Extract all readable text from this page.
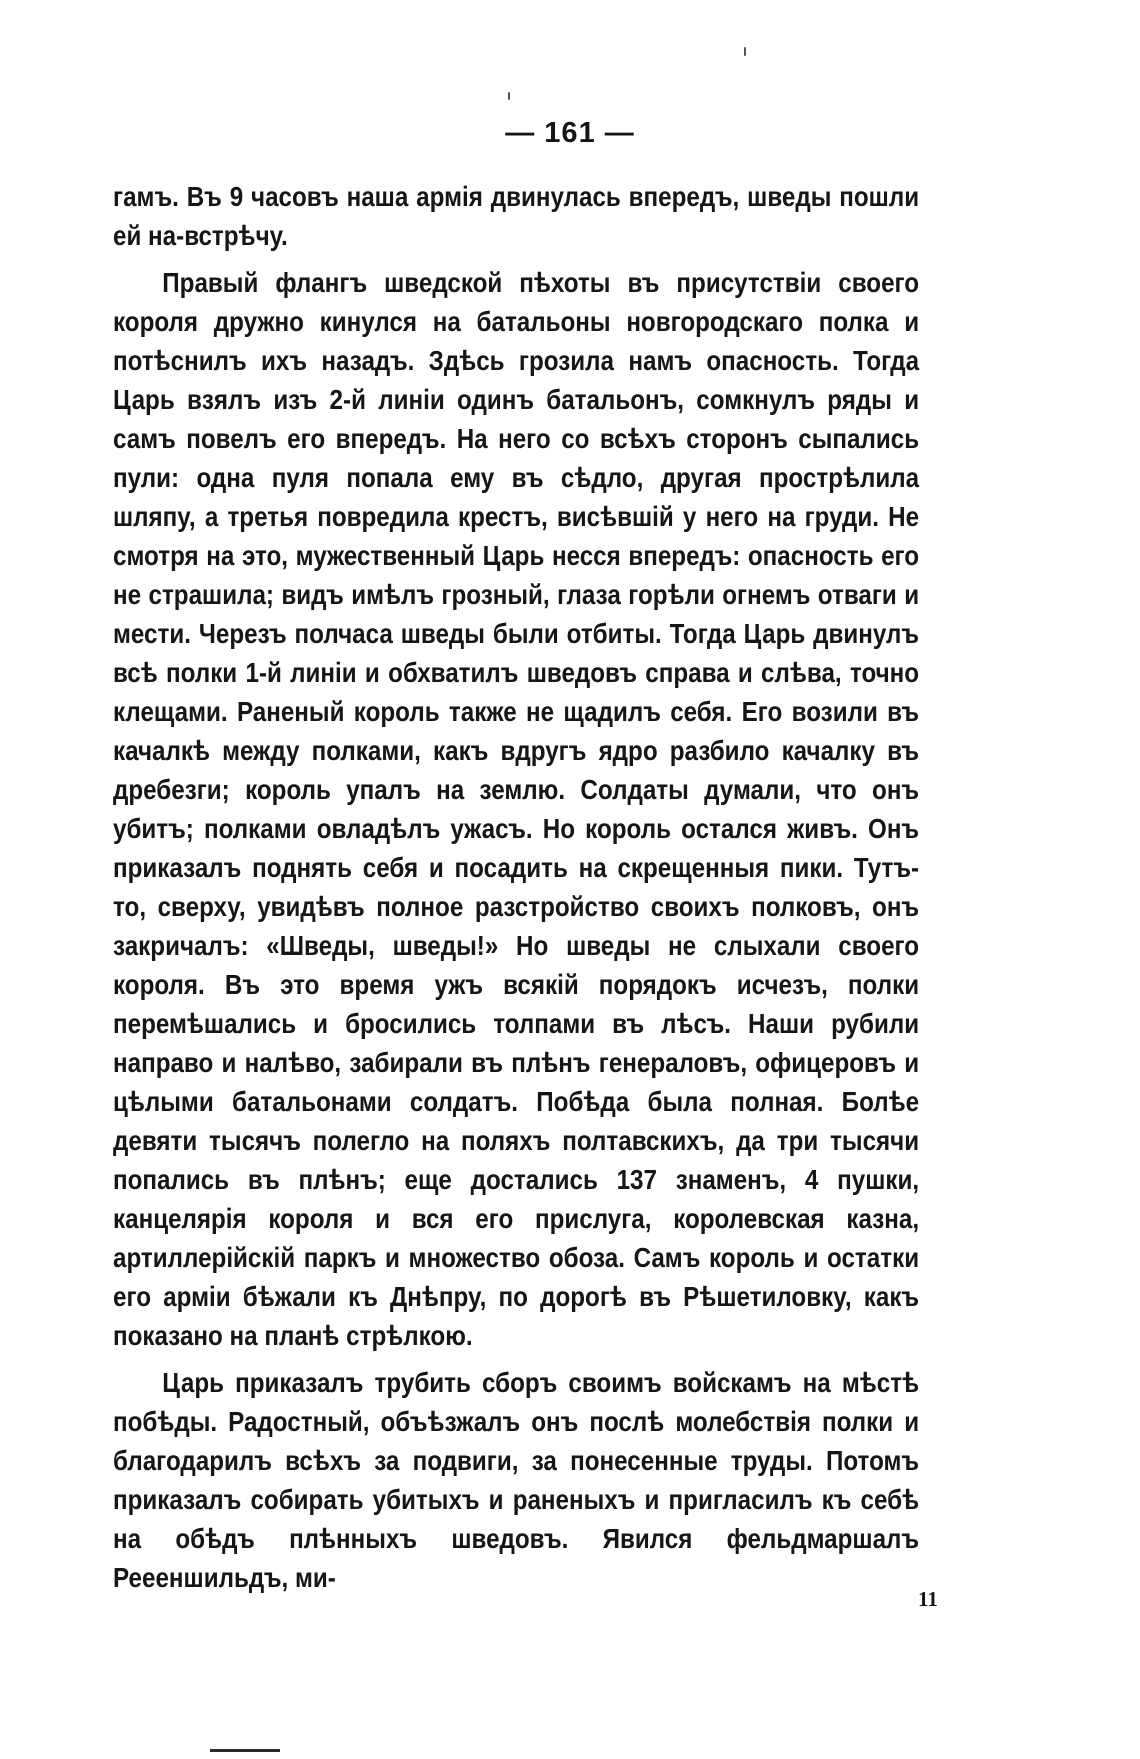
— 161 —

гамъ. Въ 9 часовъ наша армія двинулась впередъ, шведы пошли ей на-встрѣчу.

Правый флангъ шведской пѣхоты въ присутствіи своего короля дружно кинулся на батальоны новгородскаго полка и потѣснилъ ихъ назадъ. Здѣсь грозила намъ опасность. Тогда Царь взялъ изъ 2-й линіи одинъ батальонъ, сомкнулъ ряды и самъ повелъ его впередъ. На него со всѣхъ сторонъ сыпались пули: одна пуля попала ему въ сѣдло, другая прострѣлила шляпу, а третья повредила крестъ, висѣвшій у него на груди. Не смотря на это, мужественный Царь несся впередъ: опасность его не страшила; видъ имѣлъ грозный, глаза горѣли огнемъ отваги и мести. Черезъ полчаса шведы были отбиты. Тогда Царь двинулъ всѣ полки 1-й линіи и обхватилъ шведовъ справа и слѣва, точно клещами. Раненый король также не щадилъ себя. Его возили въ качалкѣ между полками, какъ вдругъ ядро разбило качалку въ дребезги; король упалъ на землю. Солдаты думали, что онъ убитъ; полками овладѣлъ ужасъ. Но король остался живъ. Онъ приказалъ поднять себя и посадить на скрещенныя пики. Тутъ-то, сверху, увидѣвъ полное разстройство своихъ полковъ, онъ закричалъ: «Шведы, шведы!» Но шведы не слыхали своего короля. Въ это время ужъ всякій порядокъ исчезъ, полки перемѣшались и бросились толпами въ лѣсъ. Наши рубили направо и налѣво, забирали въ плѣнъ генераловъ, офицеровъ и цѣлыми батальонами солдатъ. Побѣда была полная. Болѣе девяти тысячъ полегло на поляхъ полтавскихъ, да три тысячи попались въ плѣнъ; еще достались 137 знаменъ, 4 пушки, канцелярія короля и вся его прислуга, королевская казна, артиллерійскій паркъ и множество обоза. Самъ король и остатки его арміи бѣжали къ Днѣпру, по дорогѣ въ Рѣшетиловку, какъ показано на планѣ стрѣлкою.

Царь приказалъ трубить сборъ своимъ войскамъ на мѣстѣ побѣды. Радостный, объѣзжалъ онъ послѣ молебствія полки и благодарилъ всѣхъ за подвиги, за понесенные труды. Потомъ приказалъ собирать убитыхъ и раненыхъ и пригласилъ къ себѣ на обѣдъ плѣнныхъ шведовъ. Явился фельдмаршалъ Реееншильдъ, ми-

11
